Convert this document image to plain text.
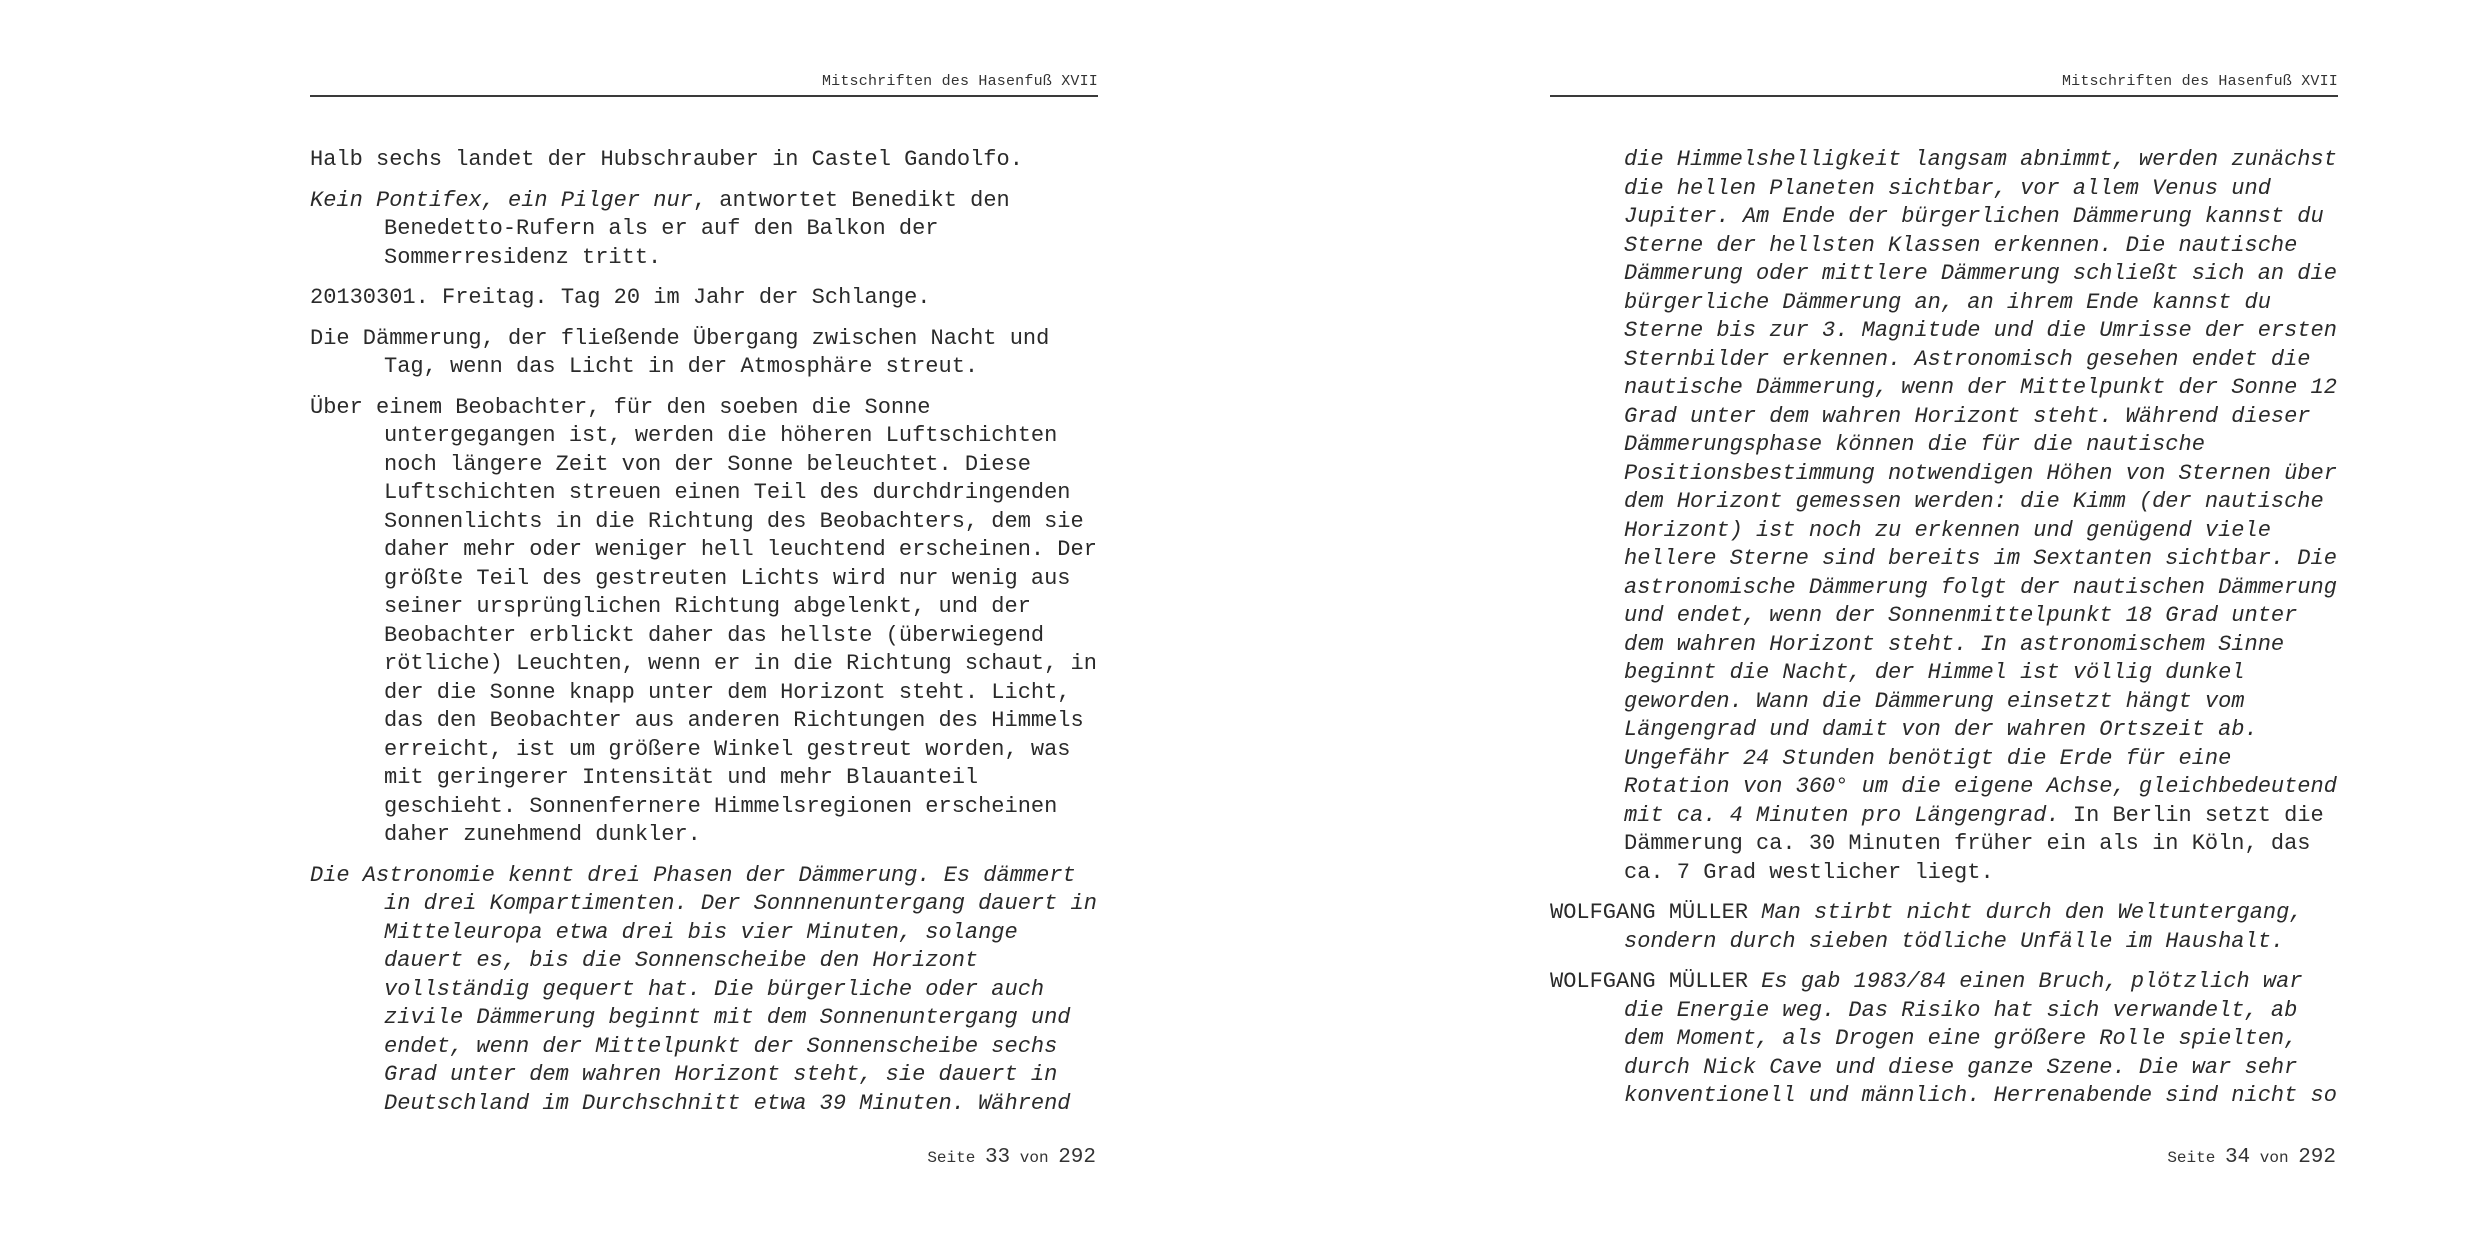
Mitschriften des Hasenfuß XVII

Halb sechs landet der Hubschrauber in Castel Gandolfo.

Kein Pontifex, ein Pilger nur, antwortet Benedikt den
Benedetto-Rufern als er auf den Balkon der
Sommerresidenz tritt.

20130301. Freitag. Tag 20 im Jahr der Schlange.

Die Dämmerung, der fließende Übergang zwischen Nacht und
Tag, wenn das Licht in der Atmosphäre streut.

Über einem Beobachter, für den soeben die Sonne
untergegangen ist, werden die höheren Luftschichten
noch längere Zeit von der Sonne beleuchtet. Diese
Luftschichten streuen einen Teil des durchdringenden
Sonnenlichts in die Richtung des Beobachters, dem sie
daher mehr oder weniger hell leuchtend erscheinen. Der
größte Teil des gestreuten Lichts wird nur wenig aus
seiner ursprünglichen Richtung abgelenkt, und der
Beobachter erblickt daher das hellste (überwiegend
rötliche) Leuchten, wenn er in die Richtung schaut, in
der die Sonne knapp unter dem Horizont steht. Licht,
das den Beobachter aus anderen Richtungen des Himmels
erreicht, ist um größere Winkel gestreut worden, was
mit geringerer Intensität und mehr Blauanteil
geschieht. Sonnenfernere Himmelsregionen erscheinen
daher zunehmend dunkler.

Die Astronomie kennt drei Phasen der Dämmerung. Es dämmert
in drei Kompartimenten. Der Sonnnenuntergang dauert in
Mitteleuropa etwa drei bis vier Minuten, solange
dauert es, bis die Sonnenscheibe den Horizont
vollständig gequert hat. Die bürgerliche oder auch
zivile Dämmerung beginnt mit dem Sonnenuntergang und
endet, wenn der Mittelpunkt der Sonnenscheibe sechs
Grad unter dem wahren Horizont steht, sie dauert in
Deutschland im Durchschnitt etwa 39 Minuten. Während

Seite 33 von 292
Mitschriften des Hasenfuß XVII

die Himmelshelligkeit langsam abnimmt, werden zunächst
die hellen Planeten sichtbar, vor allem Venus und
Jupiter. Am Ende der bürgerlichen Dämmerung kannst du
Sterne der hellsten Klassen erkennen. Die nautische
Dämmerung oder mittlere Dämmerung schließt sich an die
bürgerliche Dämmerung an, an ihrem Ende kannst du
Sterne bis zur 3. Magnitude und die Umrisse der ersten
Sternbilder erkennen. Astronomisch gesehen endet die
nautische Dämmerung, wenn der Mittelpunkt der Sonne 12
Grad unter dem wahren Horizont steht. Während dieser
Dämmerungsphase können die für die nautische
Positionsbestimmung notwendigen Höhen von Sternen über
dem Horizont gemessen werden: die Kimm (der nautische
Horizont) ist noch zu erkennen und genügend viele
hellere Sterne sind bereits im Sextanten sichtbar. Die
astronomische Dämmerung folgt der nautischen Dämmerung
und endet, wenn der Sonnenmittelpunkt 18 Grad unter
dem wahren Horizont steht. In astronomischem Sinne
beginnt die Nacht, der Himmel ist völlig dunkel
geworden. Wann die Dämmerung einsetzt hängt vom
Längengrad und damit von der wahren Ortszeit ab.
Ungefähr 24 Stunden benötigt die Erde für eine
Rotation von 360° um die eigene Achse, gleichbedeutend
mit ca. 4 Minuten pro Längengrad. In Berlin setzt die
Dämmerung ca. 30 Minuten früher ein als in Köln, das
ca. 7 Grad westlicher liegt.

WOLFGANG MÜLLER Man stirbt nicht durch den Weltuntergang,
sondern durch sieben tödliche Unfälle im Haushalt.

WOLFGANG MÜLLER Es gab 1983/84 einen Bruch, plötzlich war
die Energie weg. Das Risiko hat sich verwandelt, ab
dem Moment, als Drogen eine größere Rolle spielten,
durch Nick Cave und diese ganze Szene. Die war sehr
konventionell und männlich. Herrenabende sind nicht so

Seite 34 von 292
